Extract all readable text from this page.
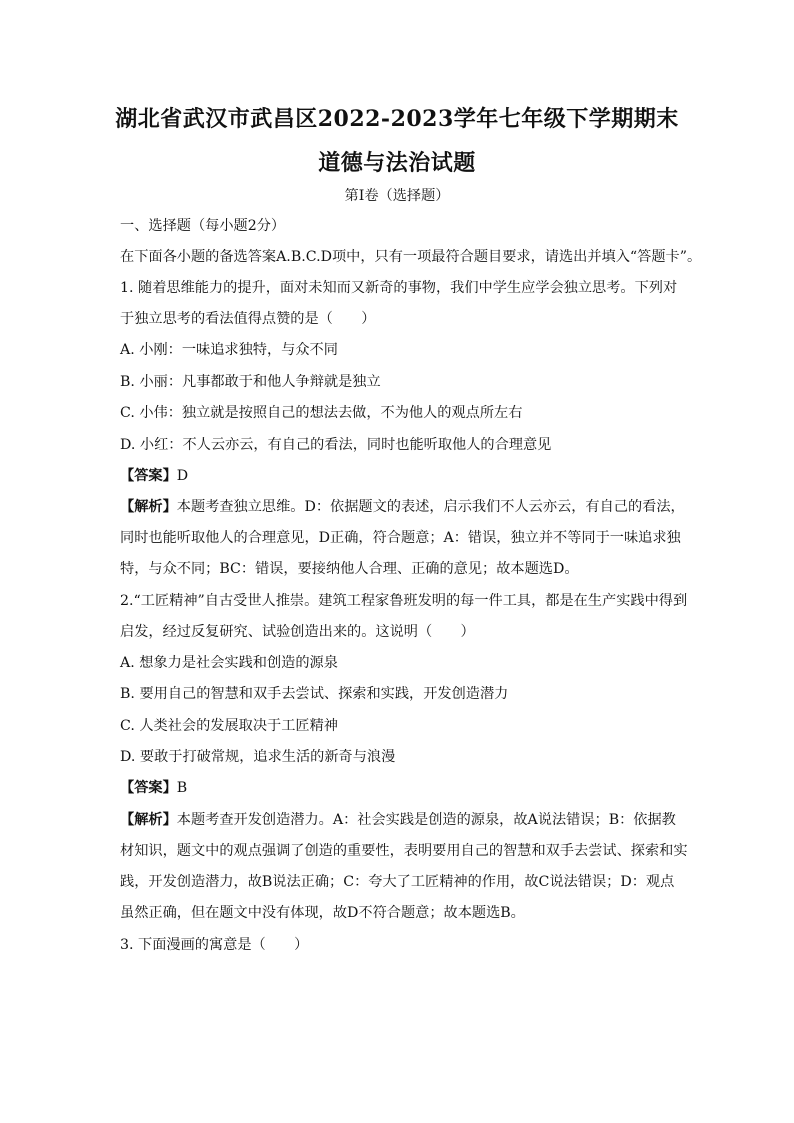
湖北省武汉市武昌区2022-2023学年七年级下学期期末
道德与法治试题
第Ⅰ卷（选择题）
一、选择题（每小题2分）
在下面各小题的备选答案A.B.C.D项中，只有一项最符合题目要求，请选出并填入“答题卡”。
1. 随着思维能力的提升，面对未知而又新奇的事物，我们中学生应学会独立思考。下列对
于独立思考的看法值得点赞的是（　　）
A. 小刚：一味追求独特，与众不同
B. 小丽：凡事都敢于和他人争辩就是独立
C. 小伟：独立就是按照自己的想法去做，不为他人的观点所左右
D. 小红：不人云亦云，有自己的看法，同时也能听取他人的合理意见
【答案】D
【解析】本题考查独立思维。D：依据题文的表述，启示我们不人云亦云，有自己的看法，
同时也能听取他人的合理意见，D正确，符合题意；A：错误，独立并不等同于一味追求独
特，与众不同；BC：错误，要接纳他人合理、正确的意见；故本题选D。
2.“工匠精神”自古受世人推崇。建筑工程家鲁班发明的每一件工具，都是在生产实践中得到
启发，经过反复研究、试验创造出来的。这说明（　　）
A. 想象力是社会实践和创造的源泉
B. 要用自己的智慧和双手去尝试、探索和实践，开发创造潜力
C. 人类社会的发展取决于工匠精神
D. 要敢于打破常规，追求生活的新奇与浪漫
【答案】B
【解析】本题考查开发创造潜力。A：社会实践是创造的源泉，故A说法错误；B：依据教
材知识，题文中的观点强调了创造的重要性，表明要用自己的智慧和双手去尝试、探索和实
践，开发创造潜力，故B说法正确；C：夸大了工匠精神的作用，故C说法错误；D：观点
虽然正确，但在题文中没有体现，故D不符合题意；故本题选B。
3. 下面漫画的寓意是（　　）
